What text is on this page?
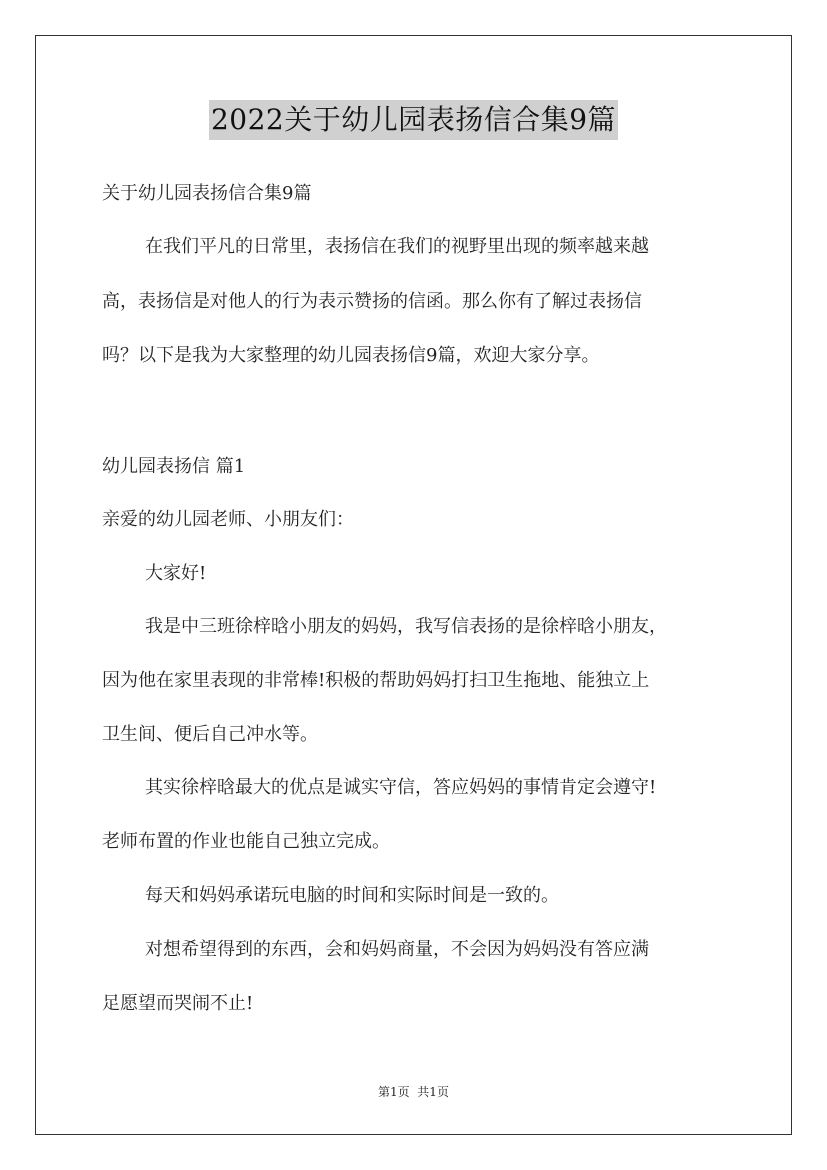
2022关于幼儿园表扬信合集9篇
关于幼儿园表扬信合集9篇
在我们平凡的日常里，表扬信在我们的视野里出现的频率越来越
高，表扬信是对他人的行为表示赞扬的信函。那么你有了解过表扬信
吗？以下是我为大家整理的幼儿园表扬信9篇，欢迎大家分享。
幼儿园表扬信 篇1
亲爱的幼儿园老师、小朋友们：
大家好!
我是中三班徐梓晗小朋友的妈妈，我写信表扬的是徐梓晗小朋友，
因为他在家里表现的非常棒!积极的帮助妈妈打扫卫生拖地、能独立上
卫生间、便后自己冲水等。
其实徐梓晗最大的优点是诚实守信，答应妈妈的事情肯定会遵守!
老师布置的作业也能自己独立完成。
每天和妈妈承诺玩电脑的时间和实际时间是一致的。
对想希望得到的东西，会和妈妈商量，不会因为妈妈没有答应满
足愿望而哭闹不止!
第1页  共1页
